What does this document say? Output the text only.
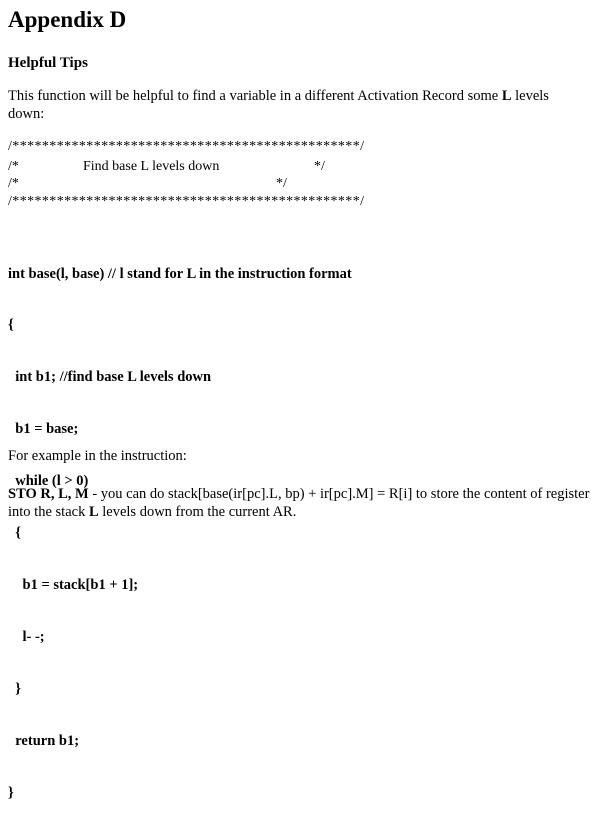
Appendix D
Helpful Tips

This function will be helpful to find a variable in a different Activation Record some L levels down:

/***********************************************/
/*	Find base L levels down	*/
/*	*/
/***********************************************/

int base(l, base) // l stand for L in the instruction format

{

int b1; //find base L levels down

b1 = base;

while (l > 0)

{

b1 = stack[b1 + 1];

l- -;

}

return b1;

}

For example in the instruction:

STO R, L, M - you can do stack[base(ir[pc].L, bp) + ir[pc].M] = R[i] to store the content of register into the stack L levels down from the current AR.
